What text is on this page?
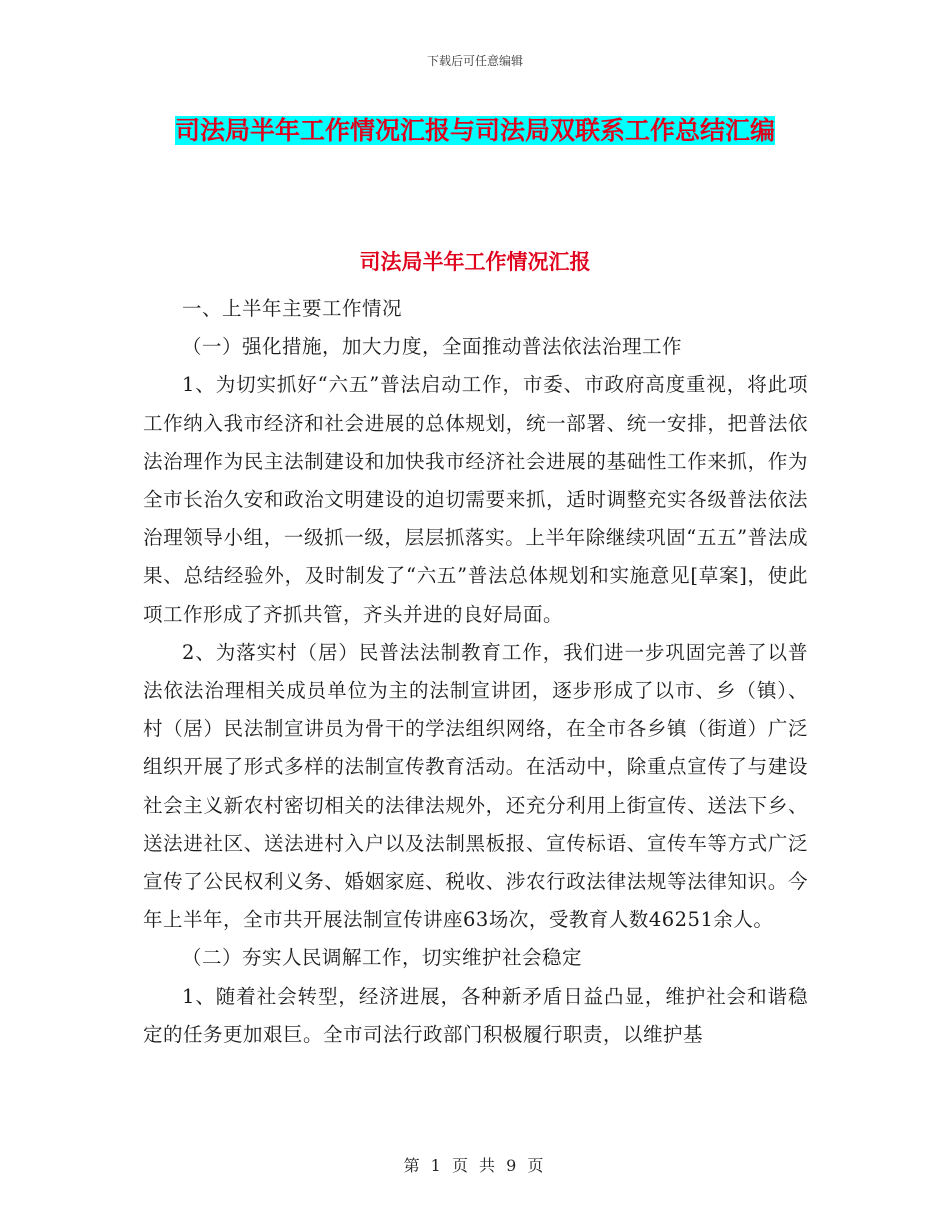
下载后可任意编辑
司法局半年工作情况汇报与司法局双联系工作总结汇编
司法局半年工作情况汇报

一、上半年主要工作情况

（一）强化措施，加大力度，全面推动普法依法治理工作

1、为切实抓好“六五”普法启动工作，市委、市政府高度重视，将此项工作纳入我市经济和社会进展的总体规划，统一部署、统一安排，把普法依法治理作为民主法制建设和加快我市经济社会进展的基础性工作来抓，作为全市长治久安和政治文明建设的迫切需要来抓，适时调整充实各级普法依法治理领导小组，一级抓一级，层层抓落实。上半年除继续巩固“五五”普法成果、总结经验外，及时制发了“六五”普法总体规划和实施意见[草案]，使此项工作形成了齐抓共管，齐头并进的良好局面。

2、为落实村（居）民普法法制教育工作，我们进一步巩固完善了以普法依法治理相关成员单位为主的法制宣讲团，逐步形成了以市、乡（镇）、村（居）民法制宣讲员为骨干的学法组织网络，在全市各乡镇（街道）广泛组织开展了形式多样的法制宣传教育活动。在活动中，除重点宣传了与建设社会主义新农村密切相关的法律法规外，还充分利用上街宣传、送法下乡、送法进社区、送法进村入户以及法制黑板报、宣传标语、宣传车等方式广泛宣传了公民权利义务、婚姻家庭、税收、涉农行政法律法规等法律知识。今年上半年，全市共开展法制宣传讲座63场次，受教育人数46251余人。

（二）夯实人民调解工作，切实维护社会稳定

1、随着社会转型，经济进展，各种新矛盾日益凸显，维护社会和谐稳定的任务更加艰巨。全市司法行政部门积极履行职责，以维护基

第 1 页 共 9 页
